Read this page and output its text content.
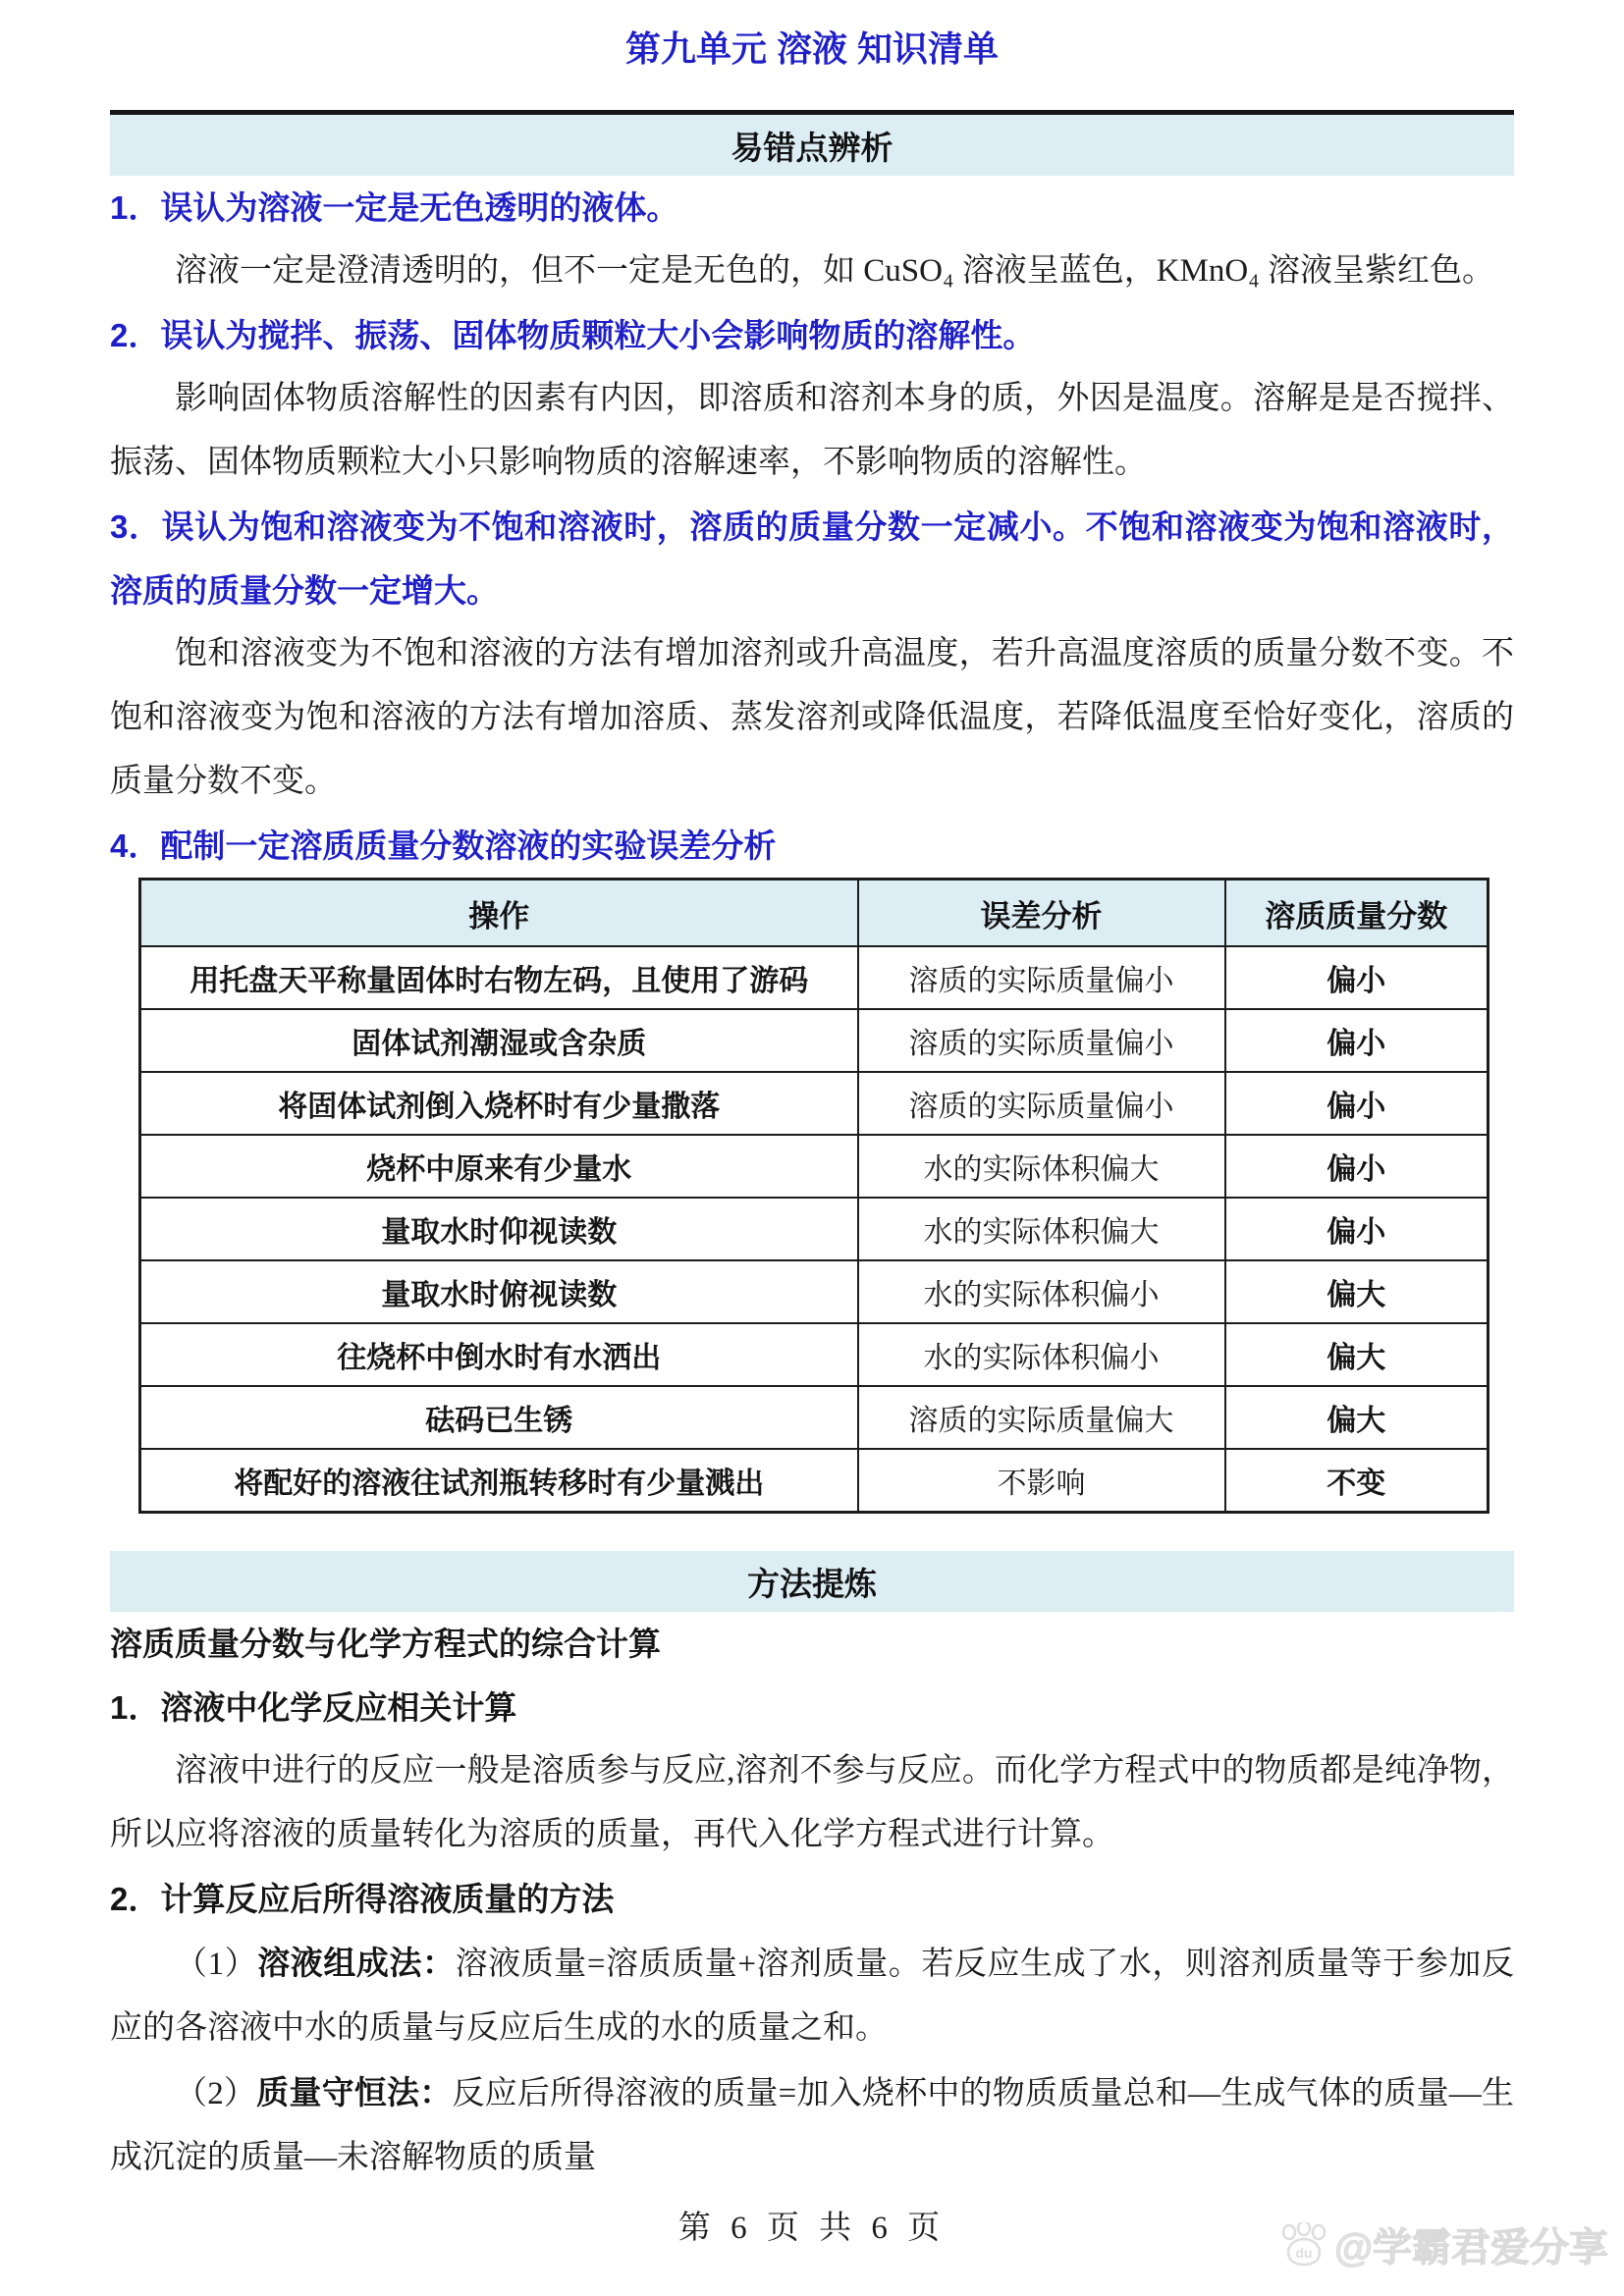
第九单元 溶液 知识清单
易错点辨析

1．误认为溶液一定是无色透明的液体。

溶液一定是澄清透明的，但不一定是无色的，如 CuSO₄ 溶液呈蓝色，KMnO₄ 溶液呈紫红色。

2．误认为搅拌、振荡、固体物质颗粒大小会影响物质的溶解性。

影响固体物质溶解性的因素有内因，即溶质和溶剂本身的质，外因是温度。溶解是是否搅拌、振荡、固体物质颗粒大小只影响物质的溶解速率，不影响物质的溶解性。

3．误认为饱和溶液变为不饱和溶液时，溶质的质量分数一定减小。不饱和溶液变为饱和溶液时，溶质的质量分数一定增大。

饱和溶液变为不饱和溶液的方法有增加溶剂或升高温度，若升高温度溶质的质量分数不变。不饱和溶液变为饱和溶液的方法有增加溶质、蒸发溶剂或降低温度，若降低温度至恰好变化，溶质的质量分数不变。

4．配制一定溶质质量分数溶液的实验误差分析

操作	误差分析	溶质质量分数
用托盘天平称量固体时右物左码，且使用了游码	溶质的实际质量偏小	偏小
固体试剂潮湿或含杂质	溶质的实际质量偏小	偏小
将固体试剂倒入烧杯时有少量撒落	溶质的实际质量偏小	偏小
烧杯中原来有少量水	水的实际体积偏大	偏小
量取水时仰视读数	水的实际体积偏大	偏小
量取水时俯视读数	水的实际体积偏小	偏大
往烧杯中倒水时有水洒出	水的实际体积偏小	偏大
砝码已生锈	溶质的实际质量偏大	偏大
将配好的溶液往试剂瓶转移时有少量溅出	不影响	不变
方法提炼

溶质质量分数与化学方程式的综合计算

1．溶液中化学反应相关计算

溶液中进行的反应一般是溶质参与反应,溶剂不参与反应。而化学方程式中的物质都是纯净物，所以应将溶液的质量转化为溶质的质量，再代入化学方程式进行计算。

2．计算反应后所得溶液质量的方法

（1）溶液组成法：溶液质量=溶质质量+溶剂质量。若反应生成了水，则溶剂质量等于参加反应的各溶液中水的质量与反应后生成的水的质量之和。

（2）质量守恒法：反应后所得溶液的质量=加入烧杯中的物质质量总和—生成气体的质量—生成沉淀的质量—未溶解物质的质量

第 6 页 共 6 页
du @学霸君爱分享
